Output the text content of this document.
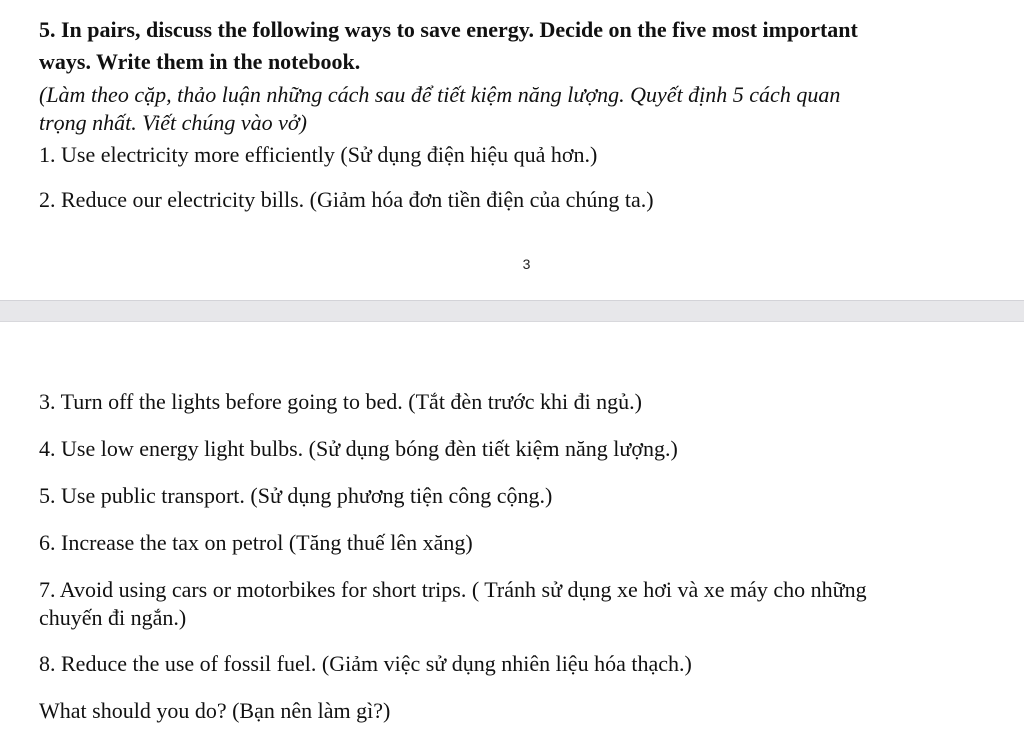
5. In pairs, discuss the following ways to save energy. Decide on the five most important
ways. Write them in the notebook.
(Làm theo cặp, thảo luận những cách sau để tiết kiệm năng lượng. Quyết định 5 cách quan
trọng nhất. Viết chúng vào vở)
1. Use electricity more efficiently (Sử dụng điện hiệu quả hơn.)
2. Reduce our electricity bills. (Giảm hóa đơn tiền điện của chúng ta.)
3
3. Turn off the lights before going to bed. (Tắt đèn trước khi đi ngủ.)
4. Use low energy light bulbs. (Sử dụng bóng đèn tiết kiệm năng lượng.)
5. Use public transport. (Sử dụng phương tiện công cộng.)
6. Increase the tax on petrol (Tăng thuế lên xăng)
7. Avoid using cars or motorbikes for short trips. ( Tránh sử dụng xe hơi và xe máy cho những
chuyến đi ngắn.)
8. Reduce the use of fossil fuel. (Giảm việc sử dụng nhiên liệu hóa thạch.)
What should you do? (Bạn nên làm gì?)
